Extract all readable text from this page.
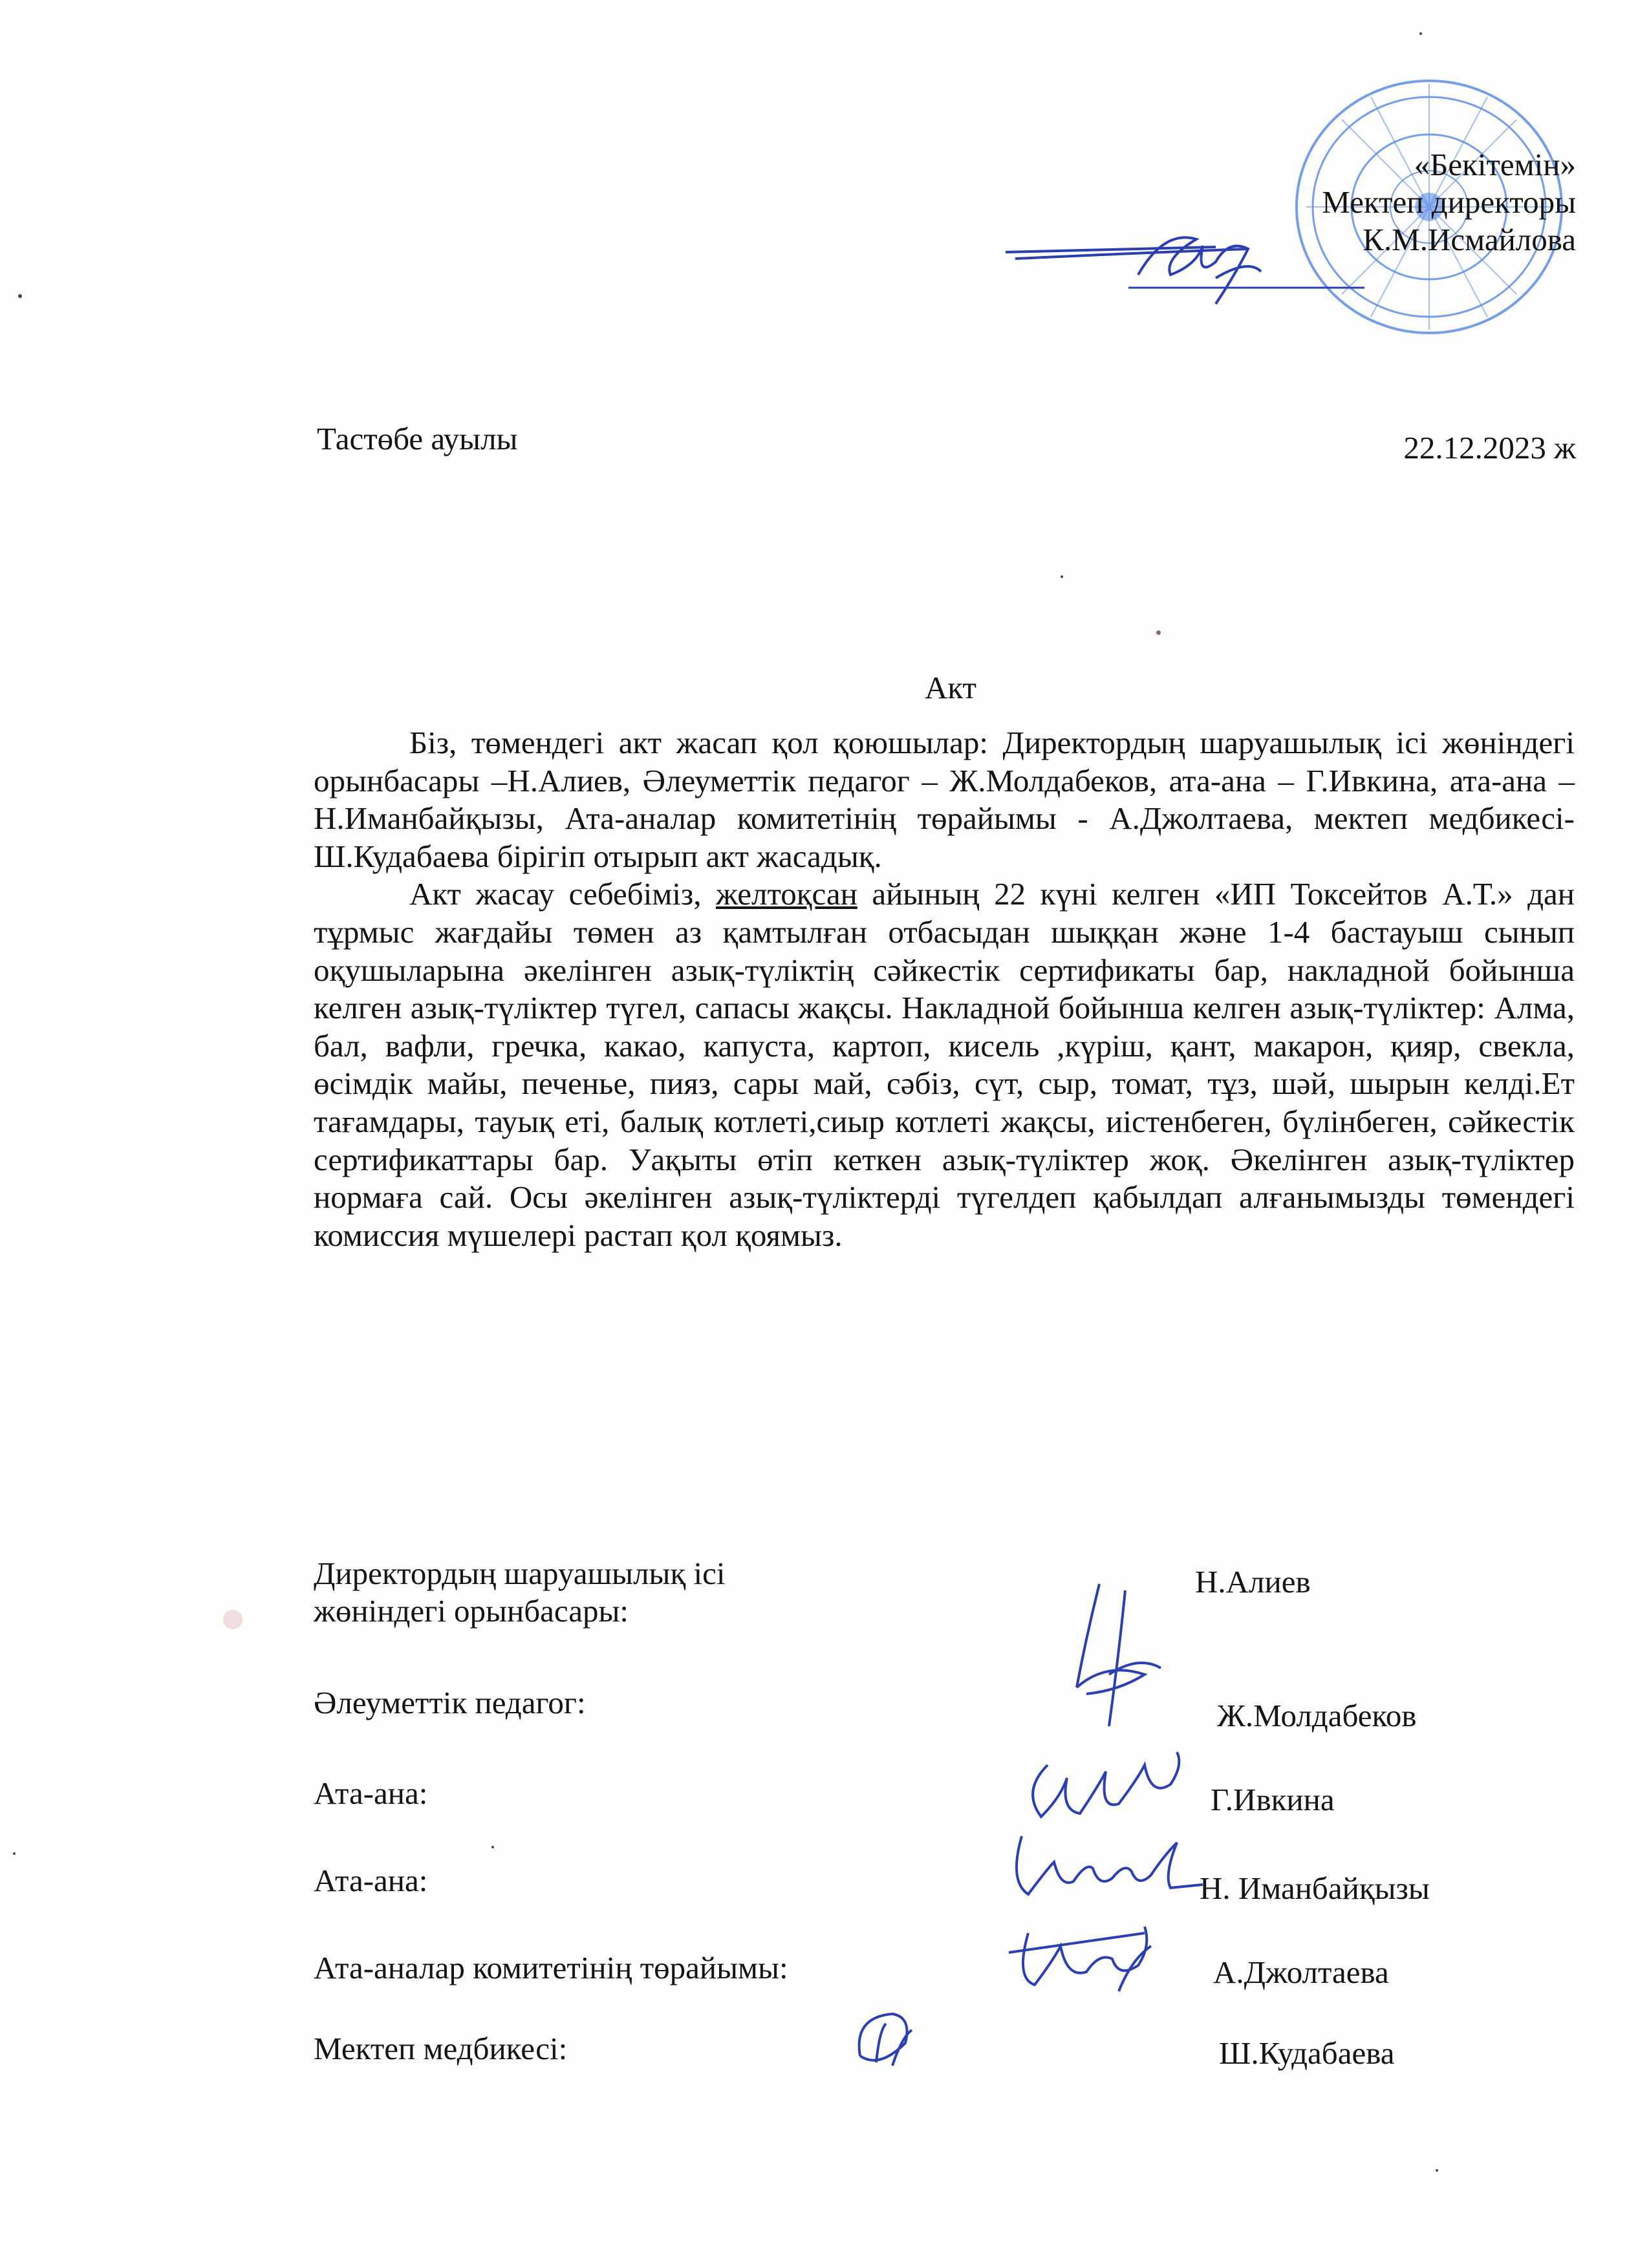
«Бекітемін»
Мектеп директоры
К.М.Исмайлова
Тастөбе ауылы	22.12.2023 ж
Акт

Біз, төмендегі акт жасап қол қоюшылар: Директордың шаруашылық ісі жөніндегі орынбасары –Н.Алиев, Әлеуметтік педагог – Ж.Молдабеков, ата-ана – Г.Ивкина, ата-ана –Н.Иманбайқызы, Ата-аналар комитетінің төрайымы - А.Джолтаева, мектеп медбикесі-Ш.Кудабаева бірігіп отырып акт жасадық.

Акт жасау себебіміз, желтоқсан айының 22 күні келген «ИП Токсейтов А.Т.» дан тұрмыс жағдайы төмен аз қамтылған отбасыдан шыққан және 1-4 бастауыш сынып оқушыларына әкелінген азық-түліктің сәйкестік сертификаты бар, накладной бойынша келген азық-түліктер түгел, сапасы жақсы. Накладной бойынша келген азық-түліктер: Алма, бал, вафли, гречка, какао, капуста, картоп, кисель ,күріш, қант, макарон, қияр, свекла, өсімдік майы, печенье, пияз, сары май, сәбіз, сүт, сыр, томат, тұз, шәй, шырын келді.Ет тағамдары, тауық еті, балық котлеті,сиыр котлеті жақсы, иістенбеген, бүлінбеген, сәйкестік сертификаттары бар. Уақыты өтіп кеткен азық-түліктер жоқ. Әкелінген азық-түліктер нормаға сай. Осы әкелінген азық-түліктерді түгелдеп қабылдап алғанымызды төмендегі комиссия мүшелері растап қол қоямыз.

Директордың шаруашылық ісі
жөніндегі орынбасары:
Н.Алиев
Әлеуметтік педагог:	Ж.Молдабеков
Ата-ана:	Г.Ивкина
Ата-ана:	Н. Иманбайқызы
Ата-аналар комитетінің төрайымы:	А.Джолтаева
Мектеп медбикесі:	Ш.Кудабаева
